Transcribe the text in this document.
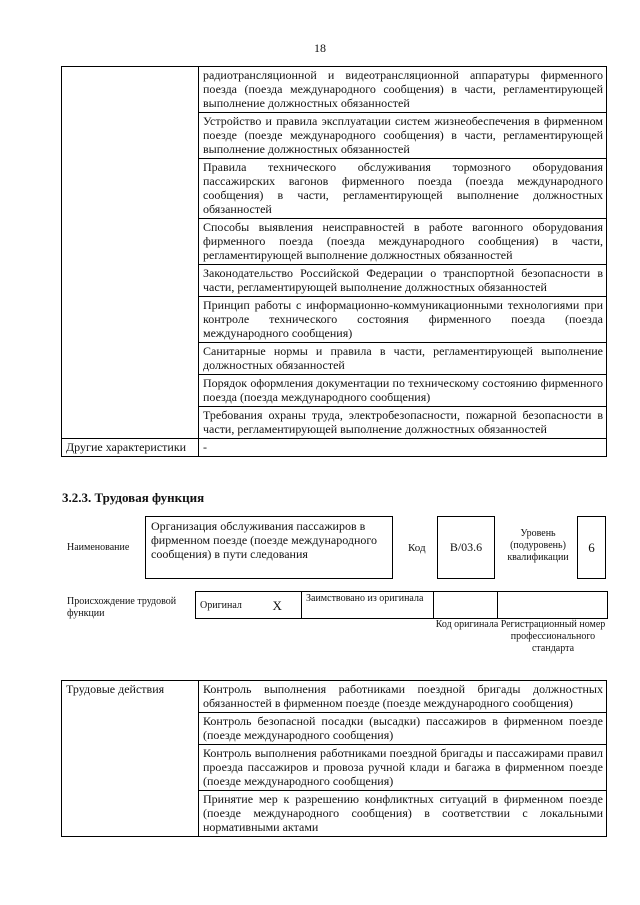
18
	радиотрансляционной и видеотрансляционной аппаратуры фирменного поезда (поезда международного сообщения) в части, регламентирующей выполнение должностных обязанностей
	Устройство и правила эксплуатации систем жизнеобеспечения в фирменном поезде (поезде международного сообщения) в части, регламентирующей выполнение должностных обязанностей
	Правила технического обслуживания тормозного оборудования пассажирских вагонов фирменного поезда (поезда международного сообщения) в части, регламентирующей выполнение должностных обязанностей
	Способы выявления неисправностей в работе вагонного оборудования фирменного поезда (поезда международного сообщения) в части, регламентирующей выполнение должностных обязанностей
	Законодательство Российской Федерации о транспортной безопасности в части, регламентирующей выполнение должностных обязанностей
	Принцип работы с информационно-коммуникационными технологиями при контроле технического состояния фирменного поезда (поезда международного сообщения)
	Санитарные нормы и правила в части, регламентирующей выполнение должностных обязанностей
	Порядок оформления документации по техническому состоянию фирменного поезда (поезда международного сообщения)
	Требования охраны труда, электробезопасности, пожарной безопасности в части, регламентирующей выполнение должностных обязанностей
Другие характеристики	-
3.2.3. Трудовая функция
Наименование
Организация обслуживания пассажиров в фирменном поезде (поезде международного сообщения) в пути следования	Код	В/03.6
Уровень (подуровень) квалификации
6
Происхождение трудовой функции
Оригинал	X	Заимствовано из оригинала		
Код оригинала Регистрационный номер профессионального стандарта
Трудовые действия	Контроль выполнения работниками поездной бригады должностных обязанностей в фирменном поезде (поезде международного сообщения)
Контроль безопасной посадки (высадки) пассажиров в фирменном поезде (поезде международного сообщения)
Контроль выполнения работниками поездной бригады и пассажирами правил проезда пассажиров и провоза ручной клади и багажа в фирменном поезде (поезде международного сообщения)
Принятие мер к разрешению конфликтных ситуаций в фирменном поезде (поезде международного сообщения) в соответствии с локальными нормативными актами
